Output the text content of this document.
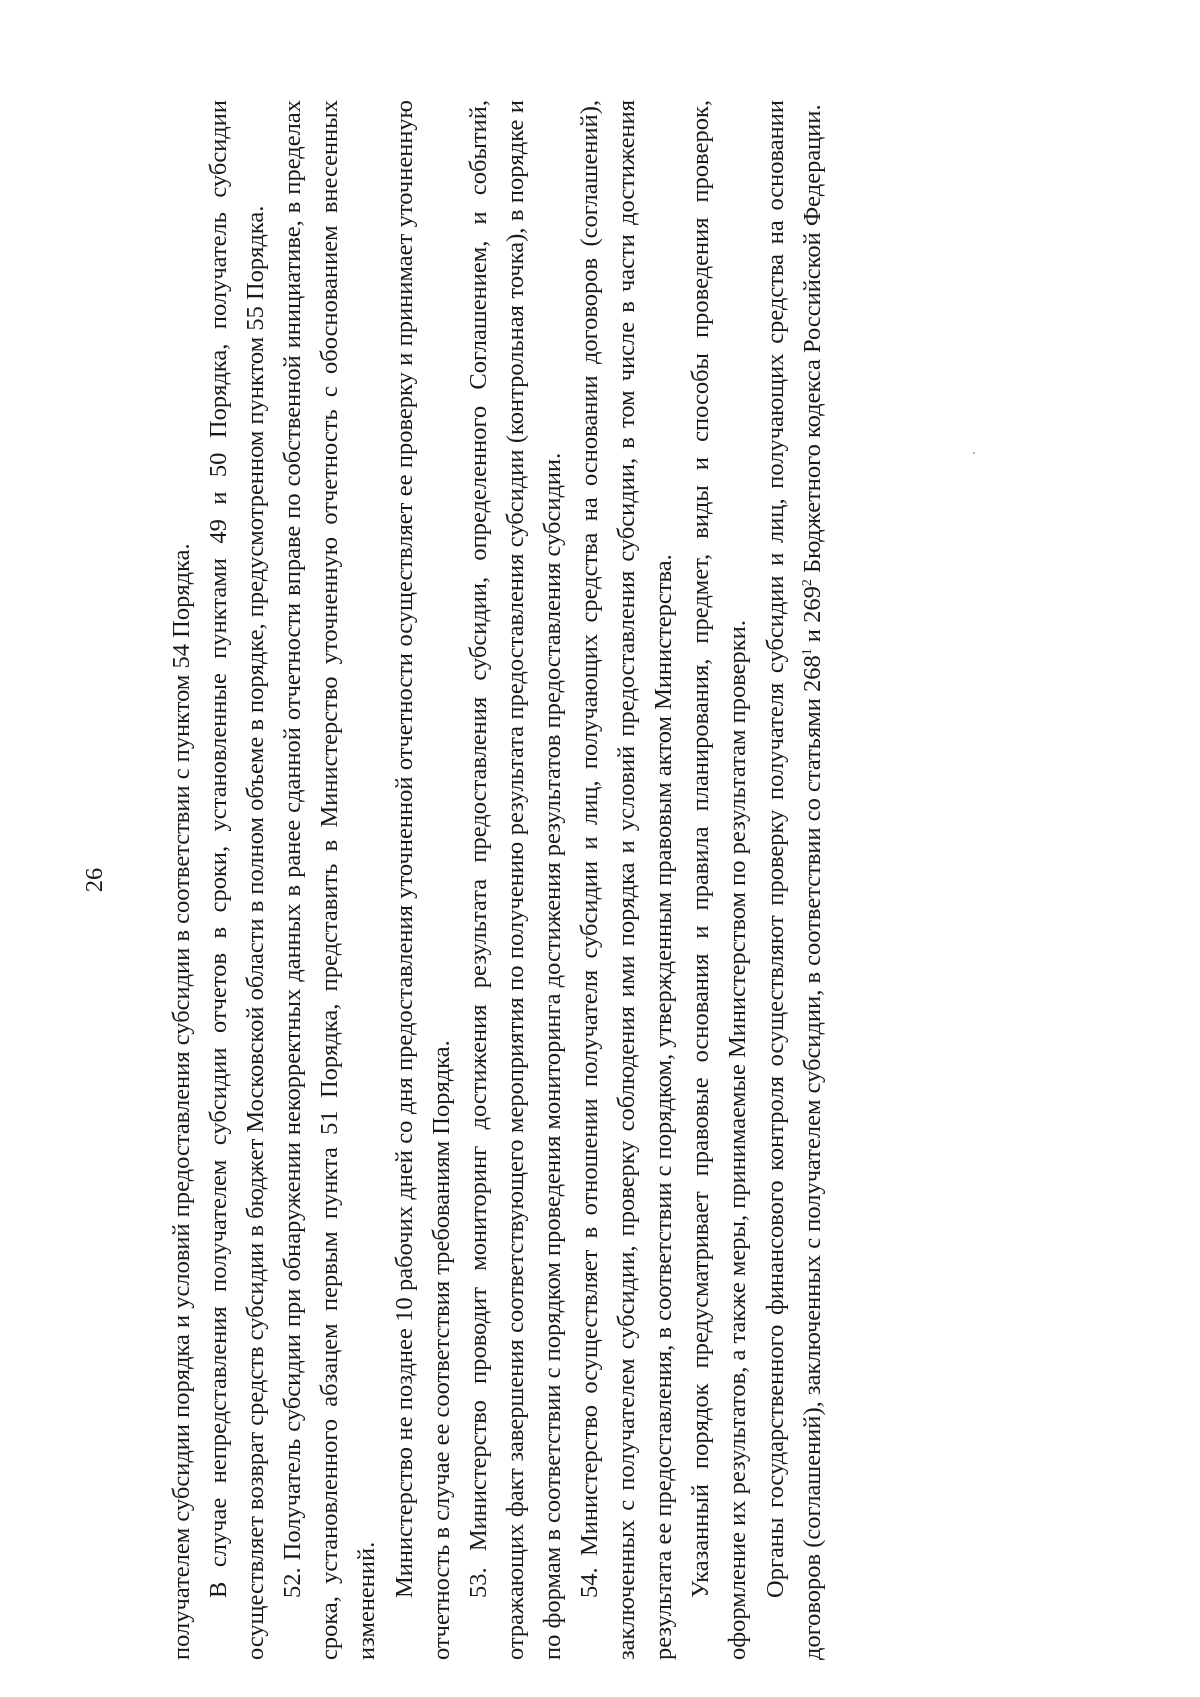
26 получателем субсидии порядка и условий предоставления субсидии в соответствии с пунктом 54 Порядка. В случае непредставления получателем субсидии отчетов в сроки, установленные пунктами 49 и 50 Порядка, получатель субсидии осуществляет возврат средств субсидии в бюджет Московской области в полном объеме в порядке, предусмотренном пунктом 55 Порядка. 52. Получатель субсидии при обнаружении некорректных данных в ранее сданной отчетности вправе по собственной инициативе, в пределах срока, установленного абзацем первым пункта 51 Порядка, представить в Министерство уточненную отчетность с обоснованием внесенных изменений.

Министерство не позднее 10 рабочих дней со дня предоставления уточненной отчетности осуществляет ее проверку и принимает уточненную отчетность в случае ее соответствия требованиям Порядка. 53. Министерство проводит мониторинг достижения результата предоставления субсидии, определенного Соглашением, и событий, отражающих факт завершения соответствующего мероприятия по получению результата предоставления субсидии (контрольная точка), в порядке и по формам в соответствии с порядком проведения мониторинга достижения результатов предоставления субсидии. 54. Министерство осуществляет в отношении получателя субсидии и лиц, получающих средства на основании договоров (соглашений), заключенных с получателем субсидии, проверку соблюдения ими порядка и условий предоставления субсидии, в том числе в части достижения результата ее предоставления, в соответствии с порядком, утвержденным правовым актом Министерства. Указанный порядок предусматривает правовые основания и правила планирования, предмет, виды и способы проведения проверок, оформление их результатов, а также меры, принимаемые Министерством по результатам проверки. Органы государственного финансового контроля осуществляют проверку получателя субсидии и лиц, получающих средства на основании договоров (соглашений), заключенных с получателем субсидии, в соответствии со статьями $268^1$ и $269^2$ Бюджетного кодекса Российской Федерации.
